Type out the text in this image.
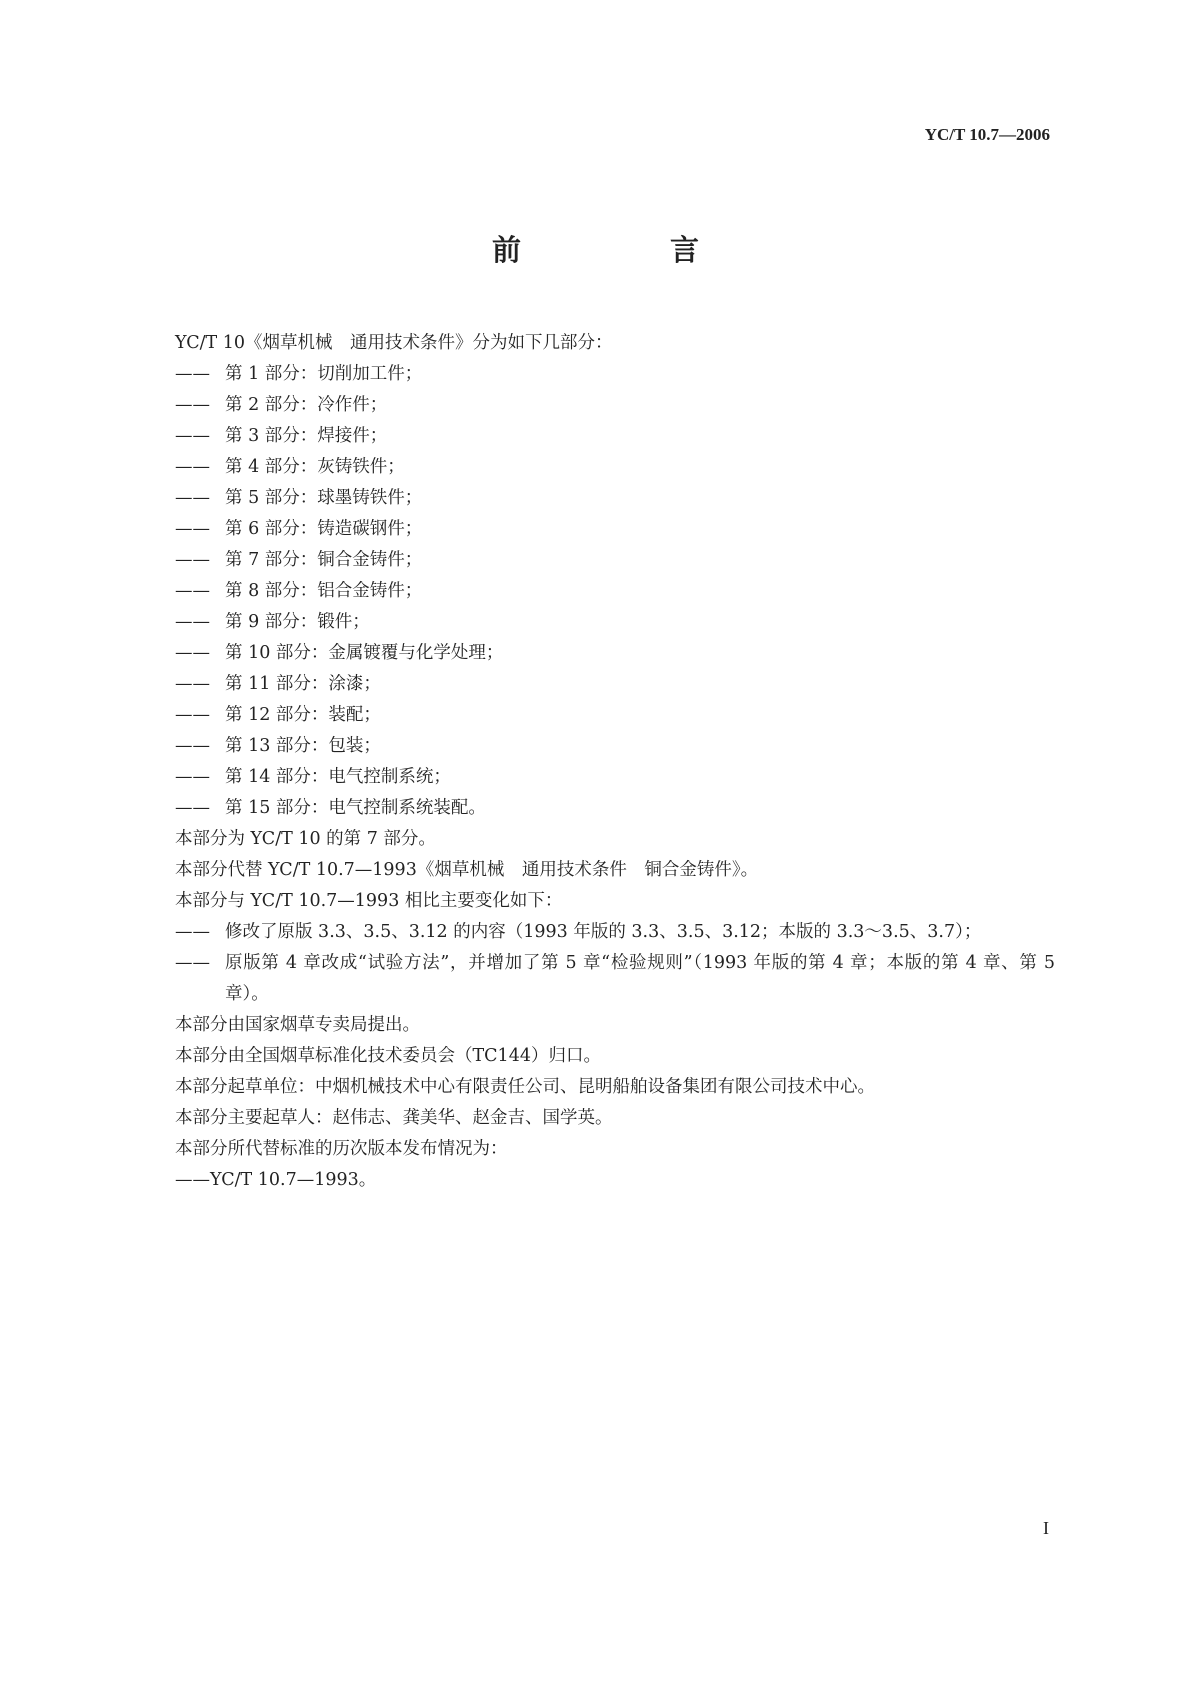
YC/T 10.7—2006
前　言
YC/T 10《烟草机械　通用技术条件》分为如下几部分：
—— 第 1 部分：切削加工件；
—— 第 2 部分：冷作件；
—— 第 3 部分：焊接件；
—— 第 4 部分：灰铸铁件；
—— 第 5 部分：球墨铸铁件；
—— 第 6 部分：铸造碳钢件；
—— 第 7 部分：铜合金铸件；
—— 第 8 部分：铝合金铸件；
—— 第 9 部分：锻件；
—— 第 10 部分：金属镀覆与化学处理；
—— 第 11 部分：涂漆；
—— 第 12 部分：装配；
—— 第 13 部分：包装；
—— 第 14 部分：电气控制系统；
—— 第 15 部分：电气控制系统装配。
本部分为 YC/T 10 的第 7 部分。
本部分代替 YC/T 10.7—1993《烟草机械　通用技术条件　铜合金铸件》。
本部分与 YC/T 10.7—1993 相比主要变化如下：
—— 修改了原版 3.3、3.5、3.12 的内容（1993 年版的 3.3、3.5、3.12；本版的 3.3～3.5、3.7）；
—— 原版第 4 章改成“试验方法”，并增加了第 5 章“检验规则”（1993 年版的第 4 章；本版的第 4 章、第 5 章）。
本部分由国家烟草专卖局提出。
本部分由全国烟草标准化技术委员会（TC144）归口。
本部分起草单位：中烟机械技术中心有限责任公司、昆明船舶设备集团有限公司技术中心。
本部分主要起草人：赵伟志、龚美华、赵金吉、国学英。
本部分所代替标准的历次版本发布情况为：
——YC/T 10.7—1993。
I
